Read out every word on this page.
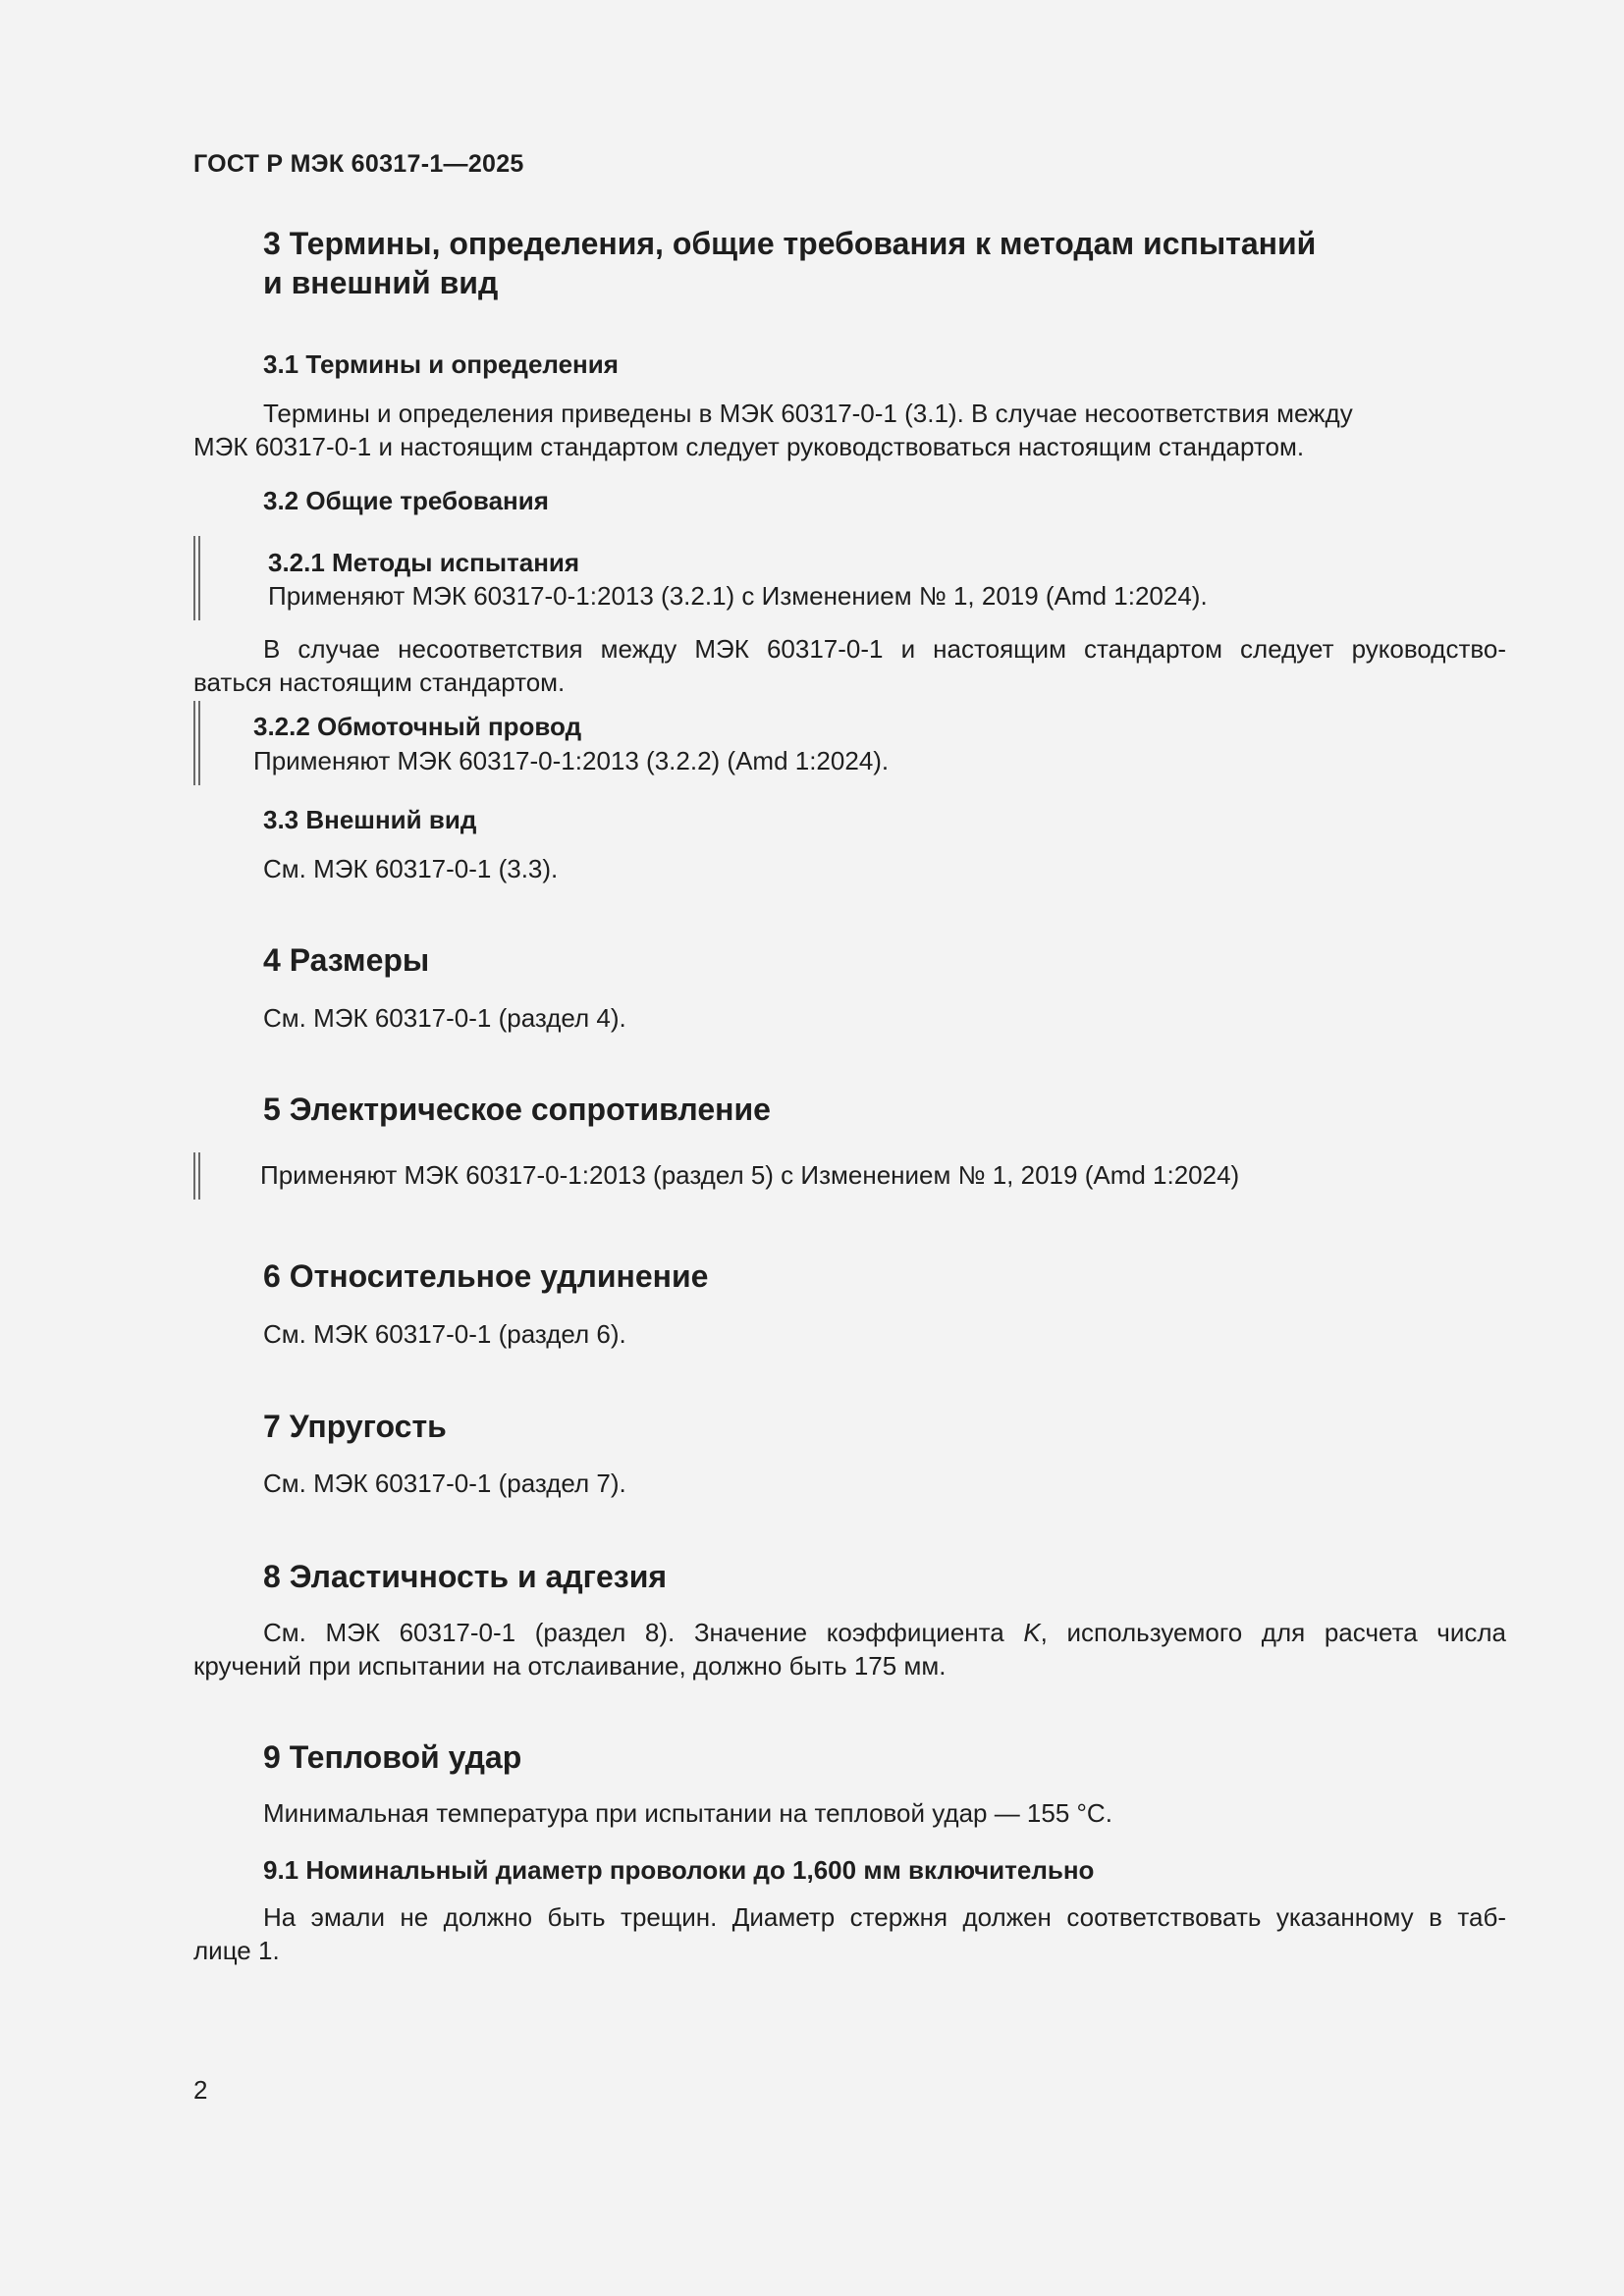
ГОСТ Р МЭК 60317-1—2025
3 Термины, определения, общие требования к методам испытаний
и внешний вид
3.1 Термины и определения
Термины и определения приведены в МЭК 60317-0-1 (3.1). В случае несоответствия между
МЭК 60317-0-1 и настоящим стандартом следует руководствоваться настоящим стандартом.
3.2 Общие требования
3.2.1 Методы испытания
Применяют МЭК 60317-0-1:2013 (3.2.1) с Изменением № 1, 2019 (Amd 1:2024).
В случае несоответствия между МЭК 60317-0-1 и настоящим стандартом следует руководство-
ваться настоящим стандартом.
3.2.2 Обмоточный провод
Применяют МЭК 60317-0-1:2013 (3.2.2) (Amd 1:2024).
3.3 Внешний вид
См. МЭК 60317-0-1 (3.3).
4 Размеры
См. МЭК 60317-0-1 (раздел 4).
5 Электрическое сопротивление
Применяют МЭК 60317-0-1:2013 (раздел 5) с Изменением № 1, 2019 (Amd 1:2024)
6 Относительное удлинение
См. МЭК 60317-0-1 (раздел 6).
7 Упругость
См. МЭК 60317-0-1 (раздел 7).
8 Эластичность и адгезия
См. МЭК 60317-0-1 (раздел 8). Значение коэффициента K, используемого для расчета числа
кручений при испытании на отслаивание, должно быть 175 мм.
9 Тепловой удар
Минимальная температура при испытании на тепловой удар — 155 °C.
9.1 Номинальный диаметр проволоки до 1,600 мм включительно
На эмали не должно быть трещин. Диаметр стержня должен соответствовать указанному в таб-
лице 1.
2
